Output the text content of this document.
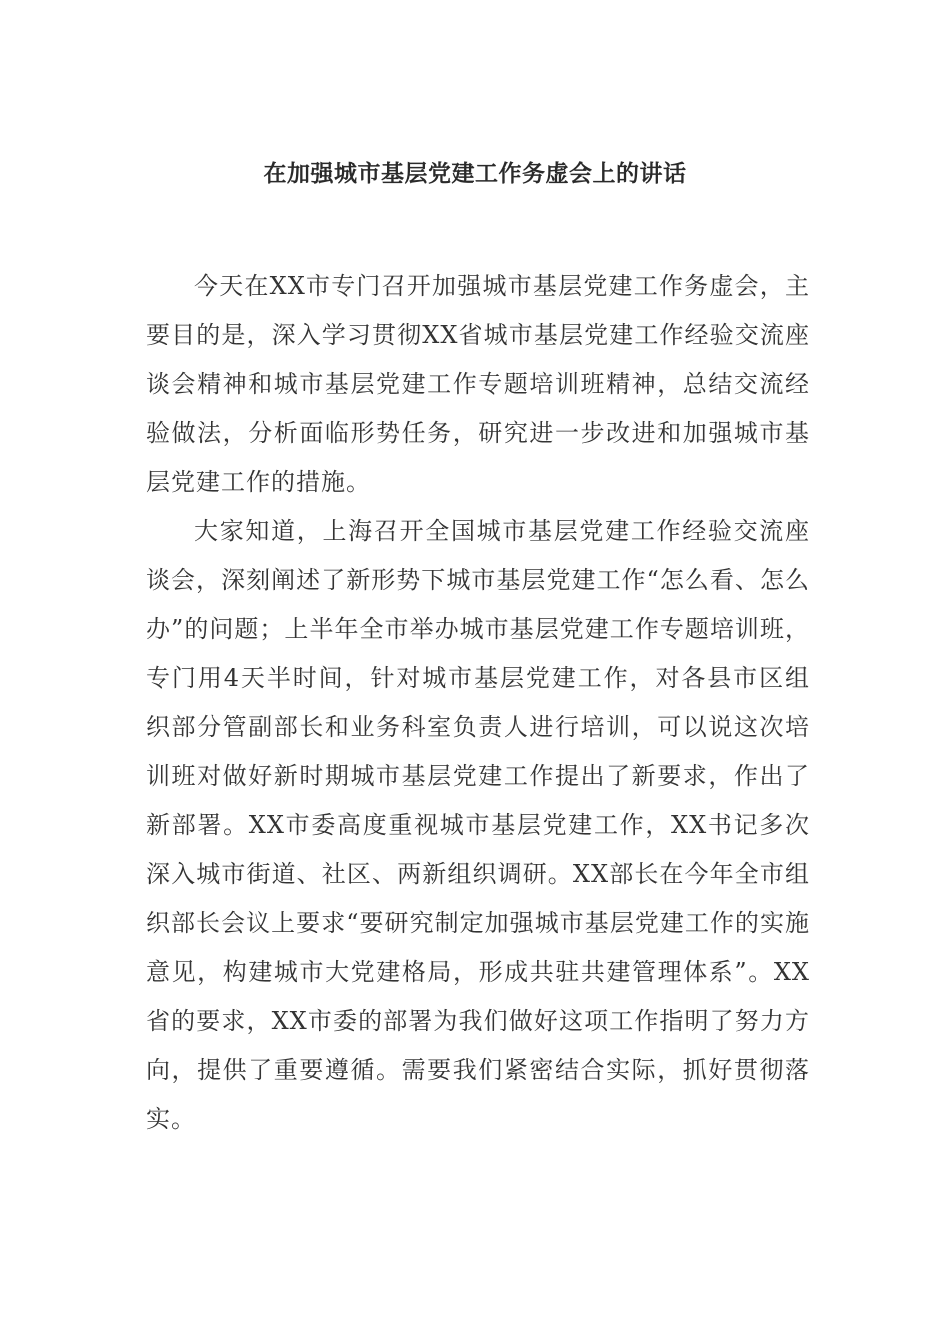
在加强城市基层党建工作务虚会上的讲话

今天在XX市专门召开加强城市基层党建工作务虚会，主要目的是，深入学习贯彻XX省城市基层党建工作经验交流座谈会精神和城市基层党建工作专题培训班精神，总结交流经验做法，分析面临形势任务，研究进一步改进和加强城市基层党建工作的措施。

大家知道，上海召开全国城市基层党建工作经验交流座谈会，深刻阐述了新形势下城市基层党建工作“怎么看、怎么办”的问题；上半年全市举办城市基层党建工作专题培训班，专门用4天半时间，针对城市基层党建工作，对各县市区组织部分管副部长和业务科室负责人进行培训，可以说这次培训班对做好新时期城市基层党建工作提出了新要求，作出了新部署。XX市委高度重视城市基层党建工作，XX书记多次深入城市街道、社区、两新组织调研。XX部长在今年全市组织部长会议上要求“要研究制定加强城市基层党建工作的实施意见，构建城市大党建格局，形成共驻共建管理体系”。XX省的要求，XX市委的部署为我们做好这项工作指明了努力方向，提供了重要遵循。需要我们紧密结合实际，抓好贯彻落实。
